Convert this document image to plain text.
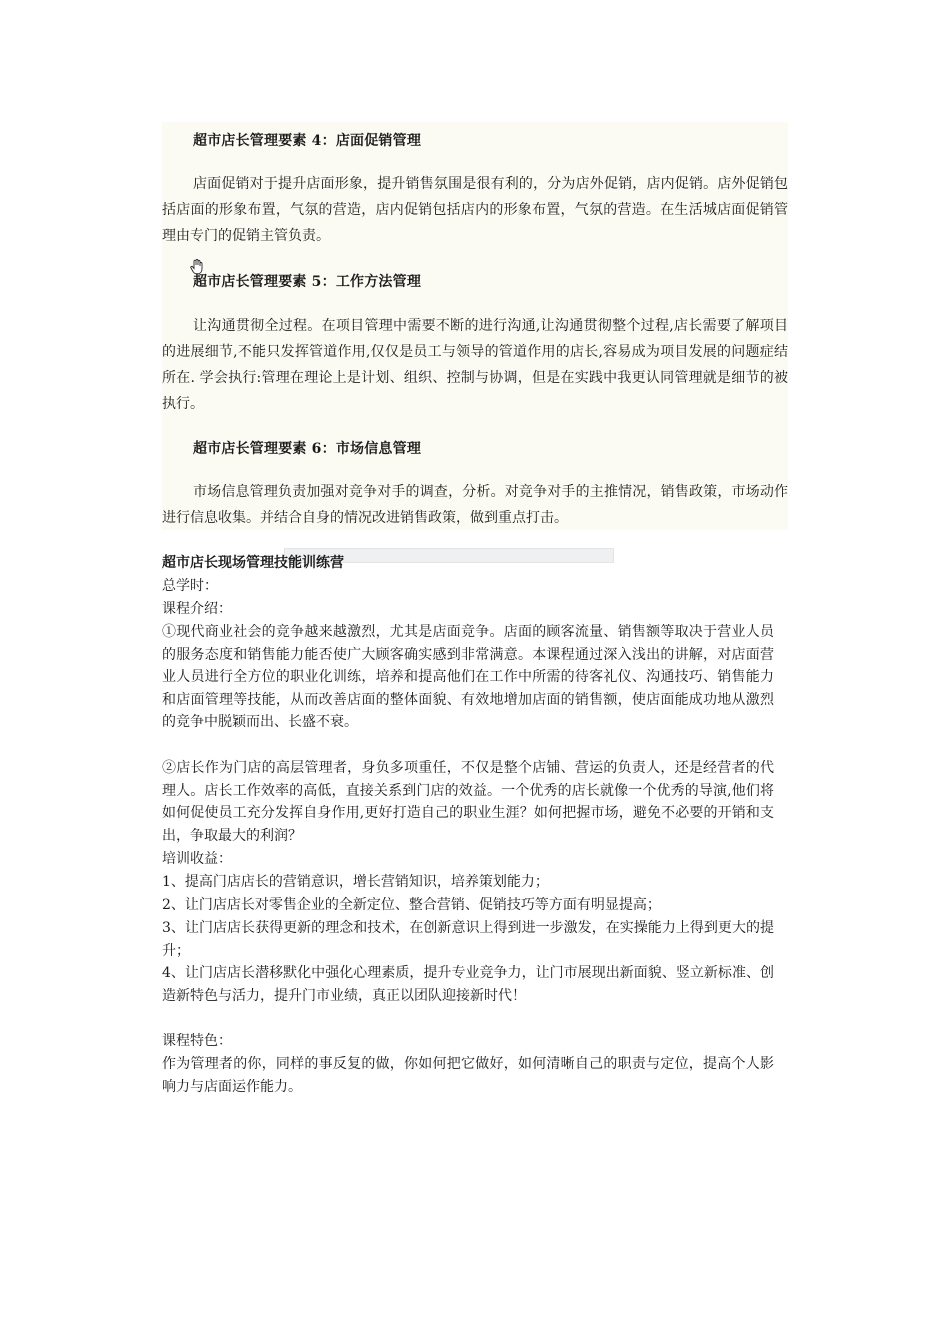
超市店长管理要素 4：店面促销管理
店面促销对于提升店面形象，提升销售氛围是很有利的，分为店外促销，店内促销。店外促销包括店面的形象布置，气氛的营造，店内促销包括店内的形象布置，气氛的营造。在生活城店面促销管理由专门的促销主管负责。
超市店长管理要素 5：工作方法管理
让沟通贯彻全过程。在项目管理中需要不断的进行沟通,让沟通贯彻整个过程,店长需要了解项目的进展细节,不能只发挥管道作用,仅仅是员工与领导的管道作用的店长,容易成为项目发展的问题症结所在. 学会执行:管理在理论上是计划、组织、控制与协调，但是在实践中我更认同管理就是细节的被执行。
超市店长管理要素 6：市场信息管理
市场信息管理负责加强对竞争对手的调查，分析。对竞争对手的主推情况，销售政策，市场动作进行信息收集。并结合自身的情况改进销售政策，做到重点打击。
超市店长现场管理技能训练营
总学时：
课程介绍：
①现代商业社会的竞争越来越激烈，尤其是店面竞争。店面的顾客流量、销售额等取决于营业人员的服务态度和销售能力能否使广大顾客确实感到非常满意。本课程通过深入浅出的讲解，对店面营业人员进行全方位的职业化训练，培养和提高他们在工作中所需的待客礼仪、沟通技巧、销售能力和店面管理等技能，从而改善店面的整体面貌、有效地增加店面的销售额，使店面能成功地从激烈的竞争中脱颖而出、长盛不衰。
②店长作为门店的高层管理者，身负多项重任，不仅是整个店铺、营运的负责人，还是经营者的代理人。店长工作效率的高低，直接关系到门店的效益。一个优秀的店长就像一个优秀的导演,他们将如何促使员工充分发挥自身作用,更好打造自己的职业生涯？如何把握市场，避免不必要的开销和支出，争取最大的利润？
培训收益：
1、提高门店店长的营销意识，增长营销知识，培养策划能力；
2、让门店店长对零售企业的全新定位、整合营销、促销技巧等方面有明显提高；
3、让门店店长获得更新的理念和技术，在创新意识上得到进一步激发，在实操能力上得到更大的提升；
4、让门店店长潜移默化中强化心理素质，提升专业竞争力，让门市展现出新面貌、竖立新标准、创造新特色与活力，提升门市业绩，真正以团队迎接新时代！
课程特色：
作为管理者的你，同样的事反复的做，你如何把它做好，如何清晰自己的职责与定位，提高个人影响力与店面运作能力。
